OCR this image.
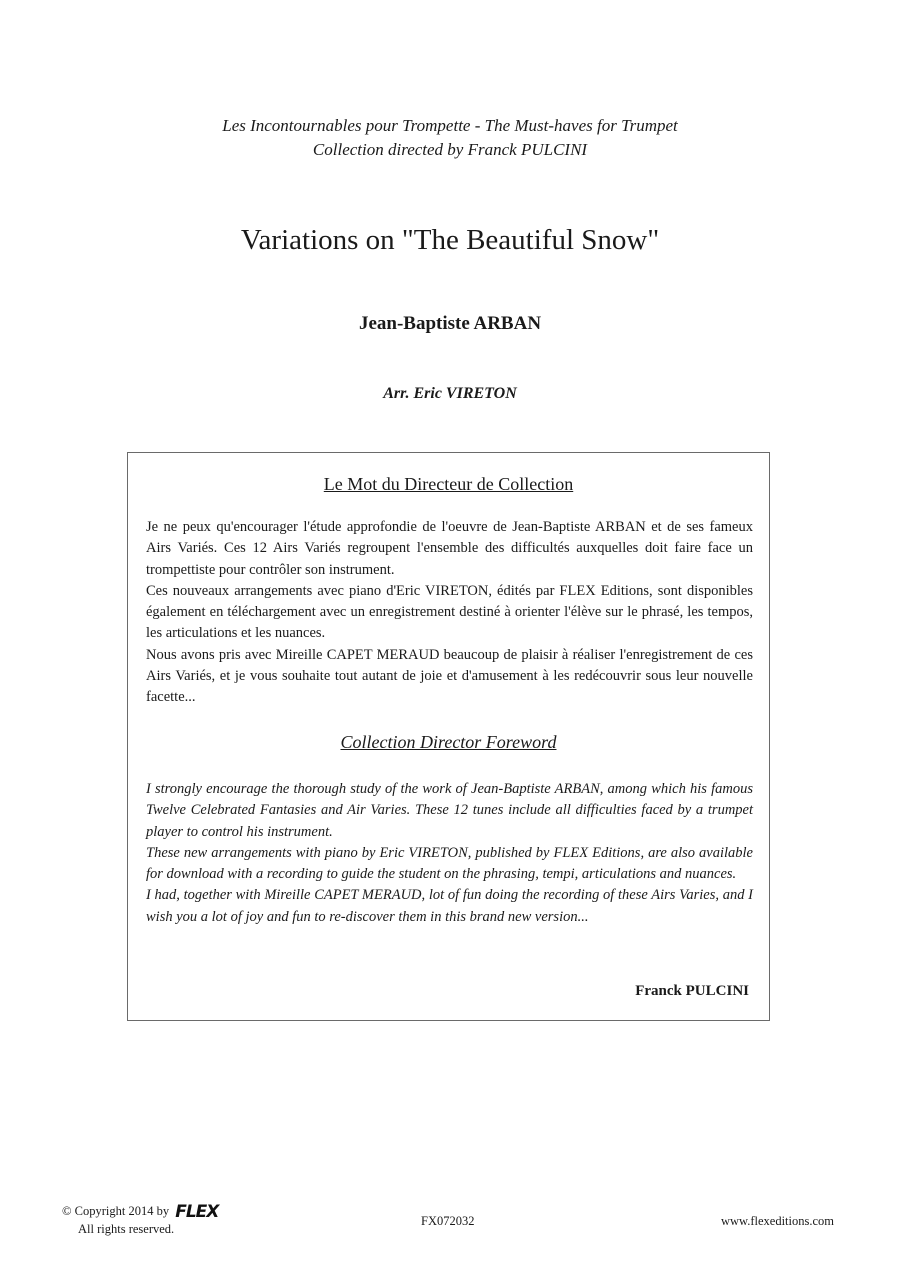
Les Incontournables pour Trompette - The Must-haves for Trumpet
Collection directed by Franck PULCINI
Variations on "The Beautiful Snow"
Jean-Baptiste ARBAN
Arr. Eric VIRETON
Le Mot du Directeur de Collection

Je ne peux qu'encourager l'étude approfondie de l'oeuvre de Jean-Baptiste ARBAN et de ses fameux Airs Variés. Ces 12 Airs Variés regroupent l'ensemble des difficultés auxquelles doit faire face un trompettiste pour contrôler son instrument.

Ces nouveaux arrangements avec piano d'Eric VIRETON, édités par FLEX Editions, sont disponibles également en téléchargement avec un enregistrement destiné à orienter l'élève sur le phrasé, les tempos, les articulations et les nuances.

Nous avons pris avec Mireille CAPET MERAUD beaucoup de plaisir à réaliser l'enregistrement de ces Airs Variés, et je vous souhaite tout autant de joie et d'amusement à les redécouvrir sous leur nouvelle facette...

Collection Director Foreword

I strongly encourage the thorough study of the work of Jean-Baptiste ARBAN, among which his famous Twelve Celebrated Fantasies and Air Varies. These 12 tunes include all difficulties faced by a trumpet player to control his instrument.

These new arrangements with piano by Eric VIRETON, published by FLEX Editions, are also available for download with a recording to guide the student on the phrasing, tempi, articulations and nuances.

I had, together with Mireille CAPET MERAUD, lot of fun doing the recording of these Airs Varies, and I wish you a lot of joy and fun to re-discover them in this brand new version...

Franck PULCINI
© Copyright 2014 by FLEX
All rights reserved.
FX072032	www.flexeditions.com
